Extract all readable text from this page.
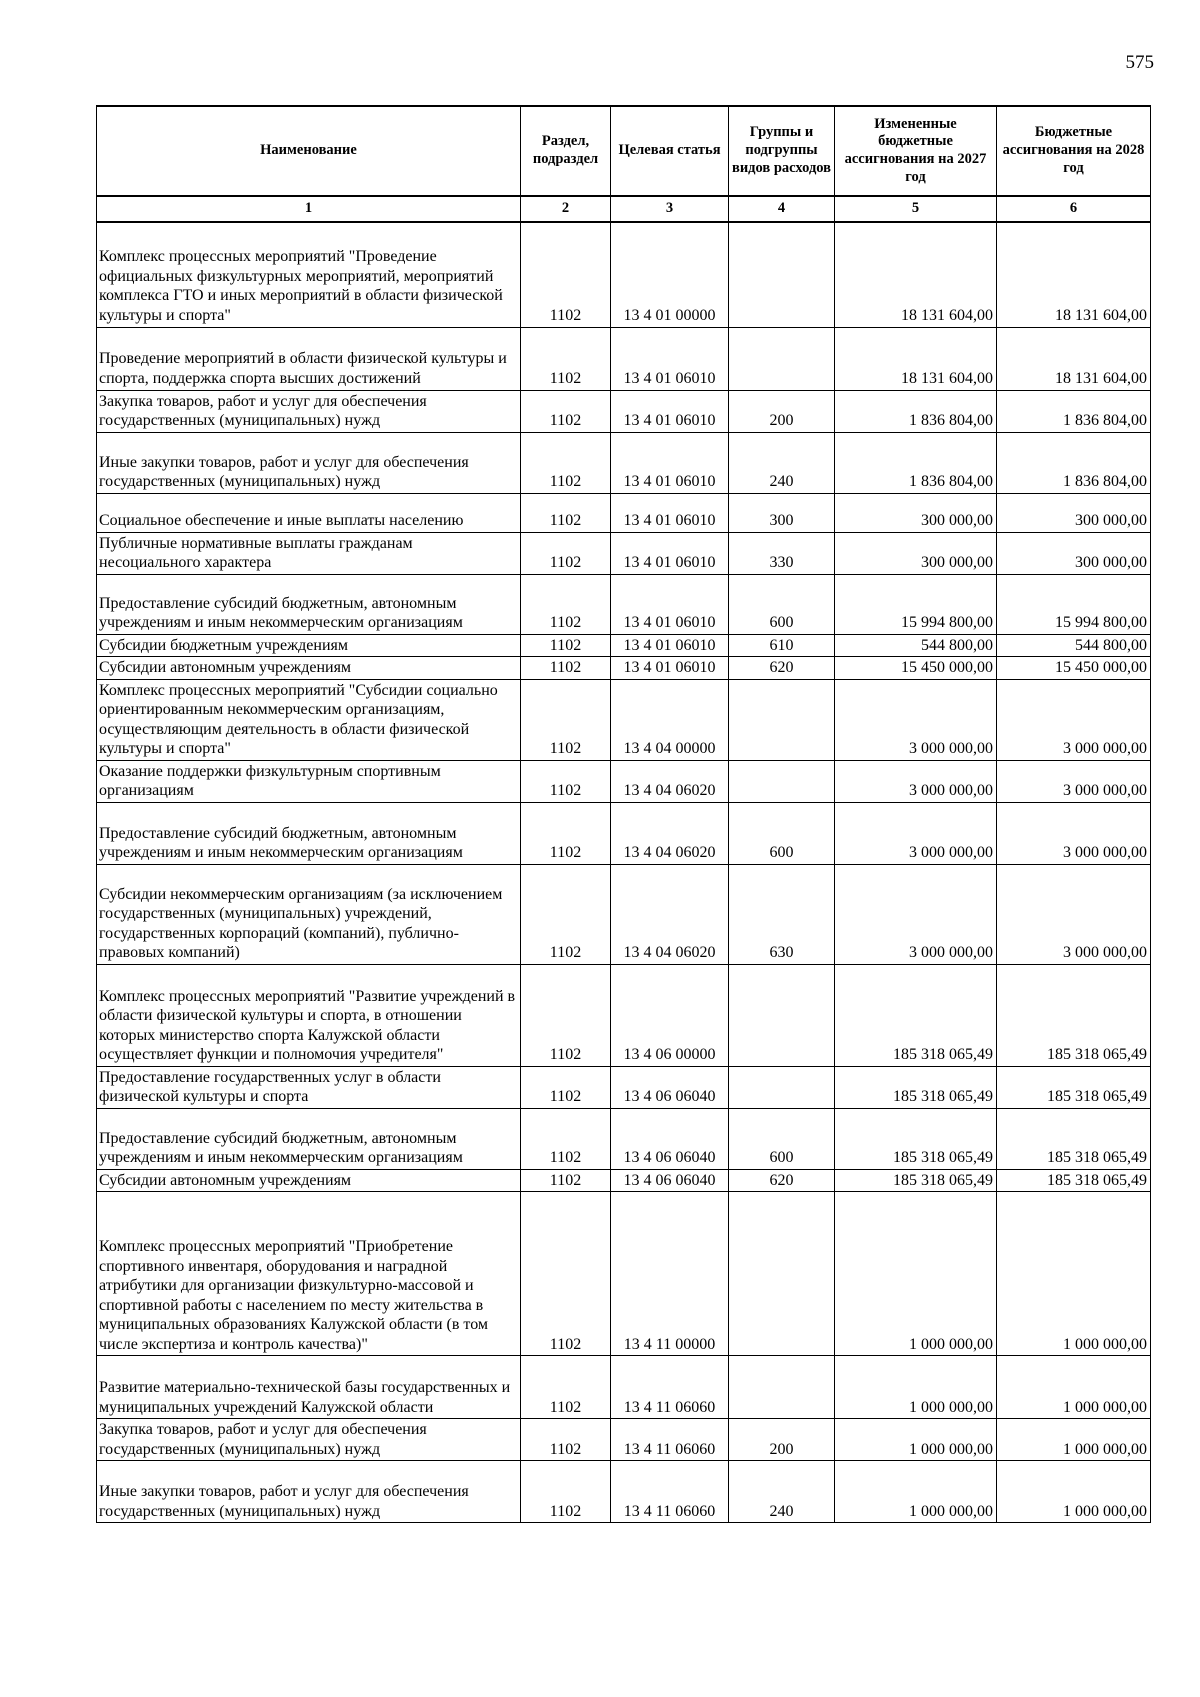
575
Наименование	Раздел, подраздел	Целевая статья	Группы и подгруппы видов расходов	Измененные бюджетные ассигнования на 2027 год	Бюджетные ассигнования на 2028 год
1	2	3	4	5	6
Комплекс процессных мероприятий "Проведение официальных физкультурных мероприятий, мероприятий комплекса ГТО и иных мероприятий в области физической культуры и спорта"	1102	13 4 01 00000		18 131 604,00	18 131 604,00
Проведение мероприятий в области физической культуры и спорта, поддержка спорта высших достижений	1102	13 4 01 06010		18 131 604,00	18 131 604,00
Закупка товаров, работ и услуг для обеспечения государственных (муниципальных) нужд	1102	13 4 01 06010	200	1 836 804,00	1 836 804,00
Иные закупки товаров, работ и услуг для обеспечения государственных (муниципальных) нужд	1102	13 4 01 06010	240	1 836 804,00	1 836 804,00
Социальное обеспечение и иные выплаты населению	1102	13 4 01 06010	300	300 000,00	300 000,00
Публичные нормативные выплаты гражданам несоциального характера	1102	13 4 01 06010	330	300 000,00	300 000,00
Предоставление субсидий бюджетным, автономным учреждениям и иным некоммерческим организациям	1102	13 4 01 06010	600	15 994 800,00	15 994 800,00
Субсидии бюджетным учреждениям	1102	13 4 01 06010	610	544 800,00	544 800,00
Субсидии автономным учреждениям	1102	13 4 01 06010	620	15 450 000,00	15 450 000,00
Комплекс процессных мероприятий "Субсидии социально ориентированным некоммерческим организациям, осуществляющим деятельность в области физической культуры и спорта"	1102	13 4 04 00000		3 000 000,00	3 000 000,00
Оказание поддержки физкультурным спортивным организациям	1102	13 4 04 06020		3 000 000,00	3 000 000,00
Предоставление субсидий бюджетным, автономным учреждениям и иным некоммерческим организациям	1102	13 4 04 06020	600	3 000 000,00	3 000 000,00
Субсидии некоммерческим организациям (за исключением государственных (муниципальных) учреждений, государственных корпораций (компаний), публично-правовых компаний)	1102	13 4 04 06020	630	3 000 000,00	3 000 000,00
Комплекс процессных мероприятий "Развитие учреждений в области физической культуры и спорта, в отношении которых министерство спорта Калужской области осуществляет функции и полномочия учредителя"	1102	13 4 06 00000		185 318 065,49	185 318 065,49
Предоставление государственных услуг в области физической культуры и спорта	1102	13 4 06 06040		185 318 065,49	185 318 065,49
Предоставление субсидий бюджетным, автономным учреждениям и иным некоммерческим организациям	1102	13 4 06 06040	600	185 318 065,49	185 318 065,49
Субсидии автономным учреждениям	1102	13 4 06 06040	620	185 318 065,49	185 318 065,49
Комплекс процессных мероприятий "Приобретение спортивного инвентаря, оборудования и наградной атрибутики для организации физкультурно-массовой и спортивной работы с населением по месту жительства в муниципальных образованиях Калужской области (в том числе экспертиза и контроль качества)"	1102	13 4 11 00000		1 000 000,00	1 000 000,00
Развитие материально-технической базы государственных и муниципальных учреждений Калужской области	1102	13 4 11 06060		1 000 000,00	1 000 000,00
Закупка товаров, работ и услуг для обеспечения государственных (муниципальных) нужд	1102	13 4 11 06060	200	1 000 000,00	1 000 000,00
Иные закупки товаров, работ и услуг для обеспечения государственных (муниципальных) нужд	1102	13 4 11 06060	240	1 000 000,00	1 000 000,00
